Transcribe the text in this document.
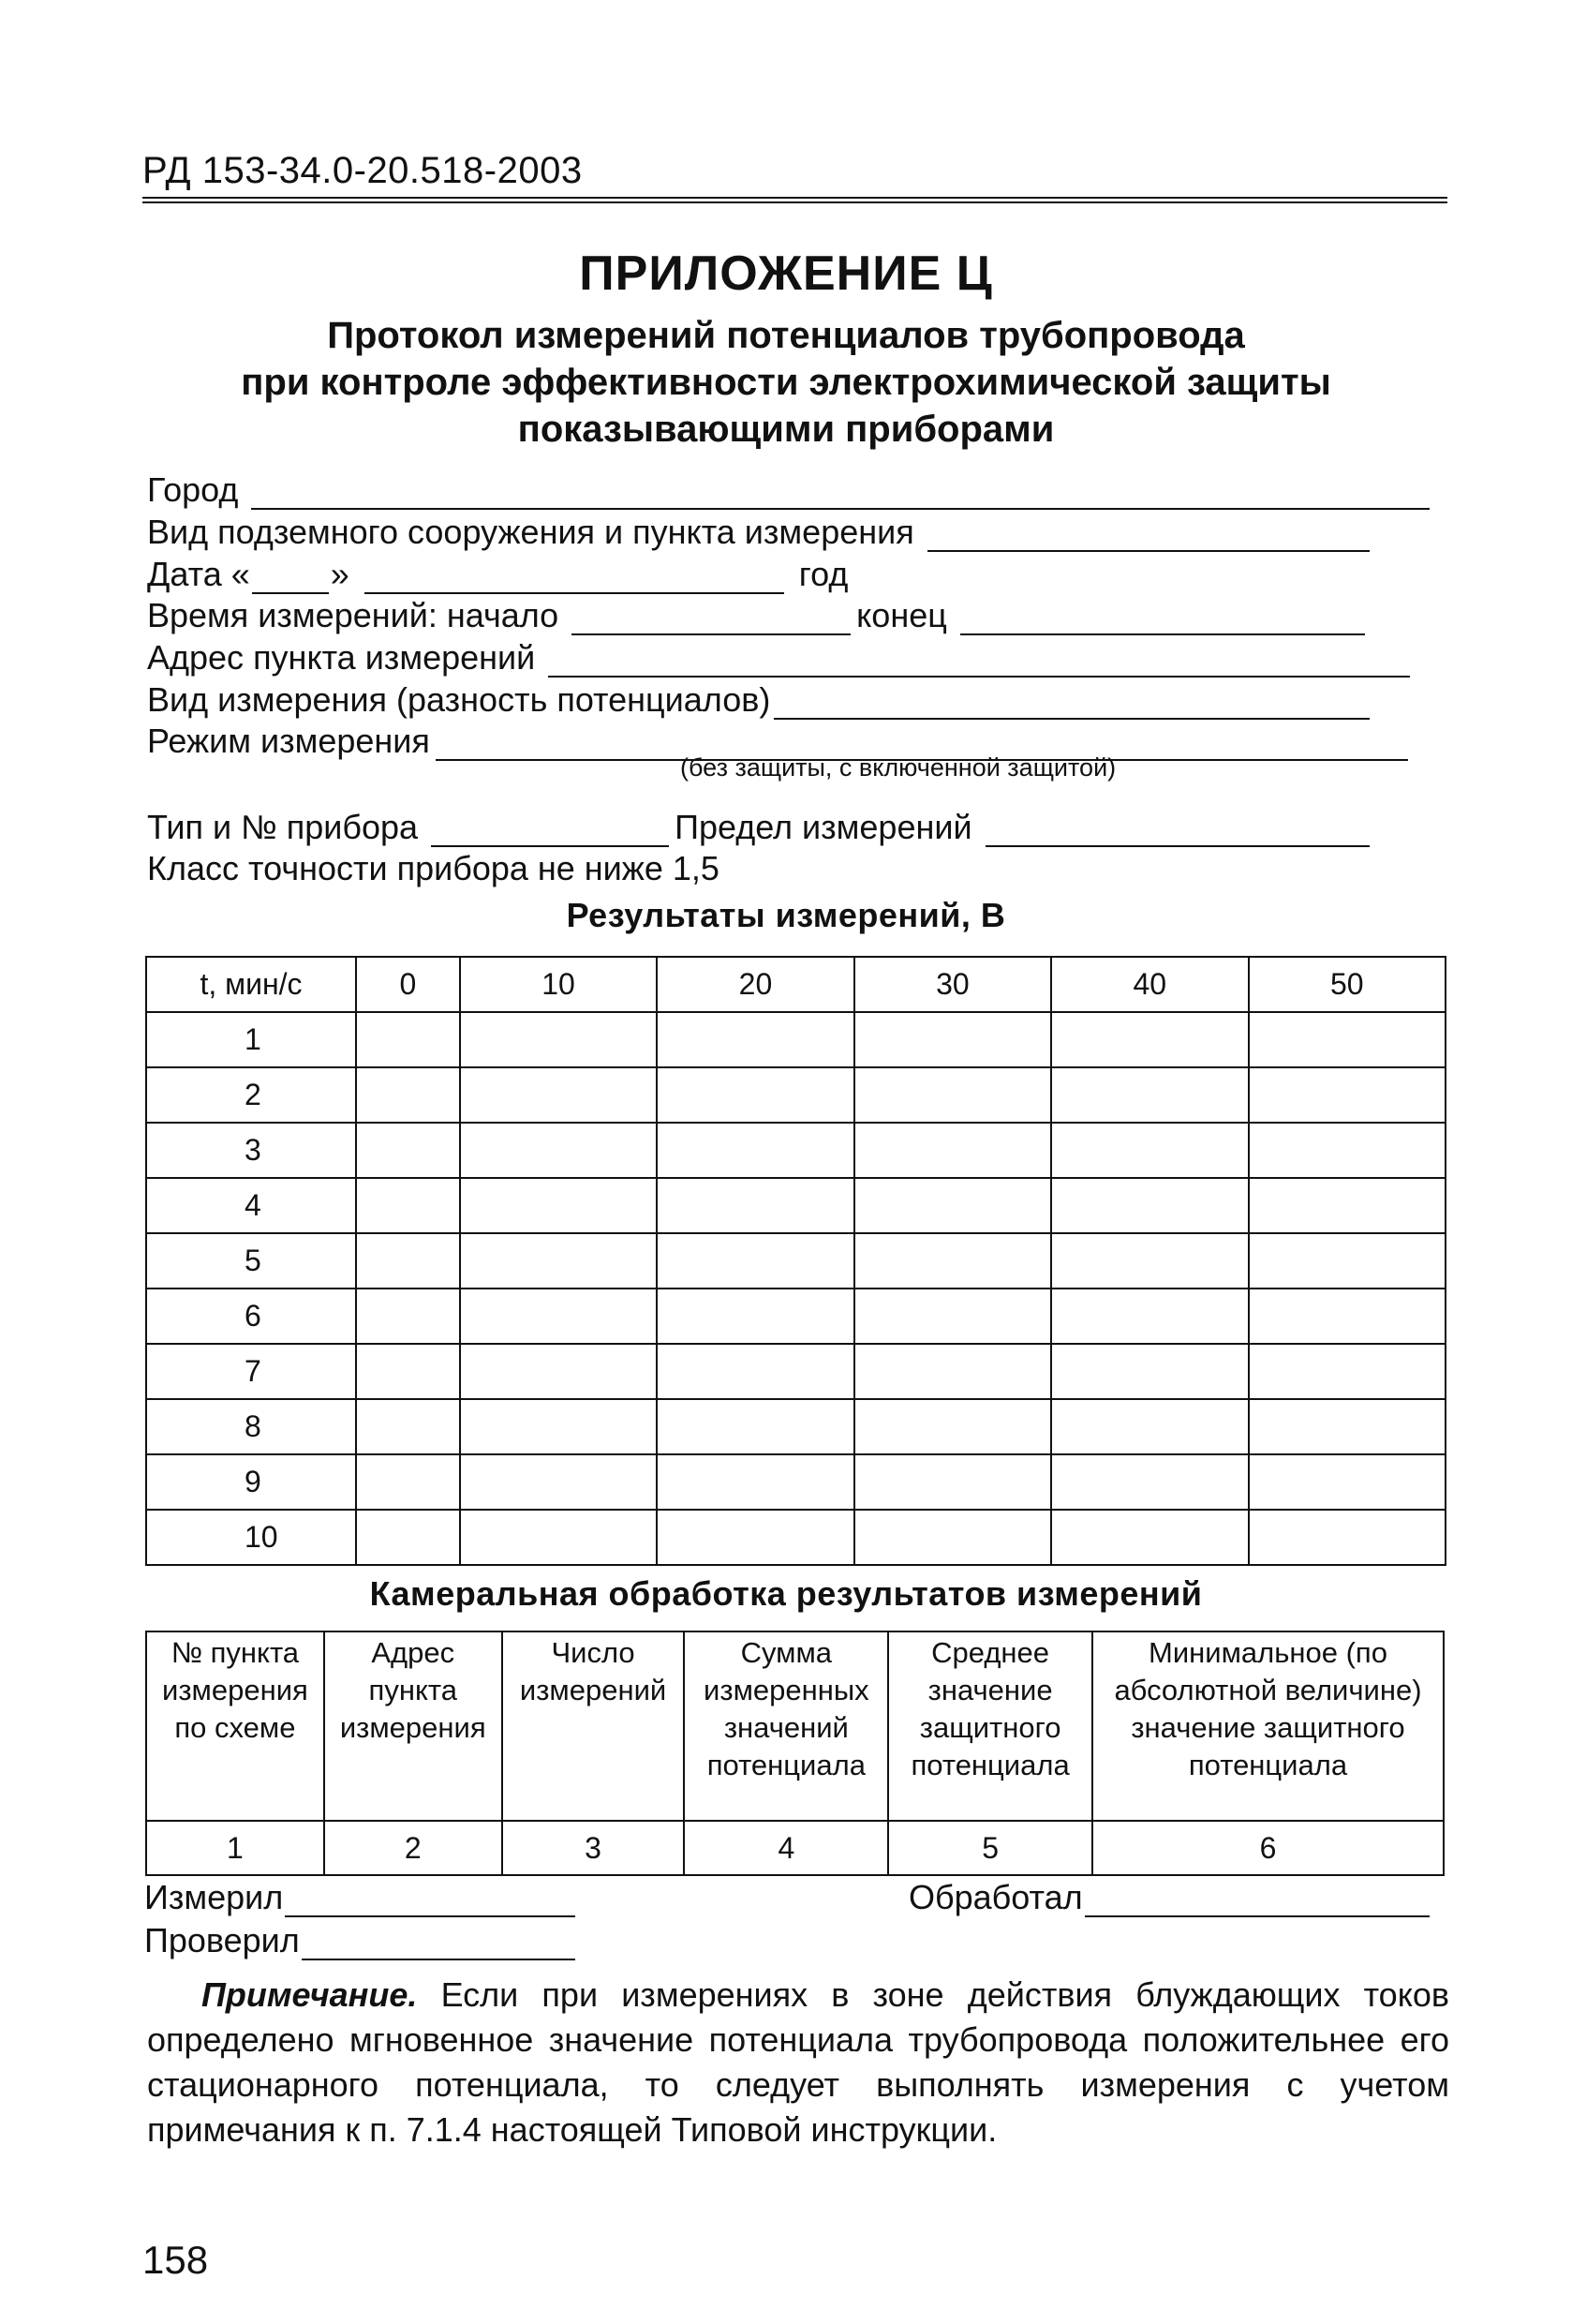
РД 153-34.0-20.518-2003
ПРИЛОЖЕНИЕ Ц
Протокол измерений потенциалов трубопровода
при контроле эффективности электрохимической защиты
показывающими приборами
Город
Вид подземного сооружения и пункта измерения
Дата « »	год
Время измерений: начало	конец
Адрес пункта измерений
Вид измерения (разность потенциалов)
Режим измерения
(без защиты, с включенной защитой)
Тип и № прибора	Предел измерений
Класс точности прибора не ниже 1,5
Результаты измерений, В
t, мин/с	0	10	20	30	40	50
1						
2						
3						
4						
5						
6						
7						
8						
9						
10						
Камеральная обработка результатов измерений
№ пункта измерения по схеме	Адрес пункта измерения	Число измерений	Сумма измеренных значений потенциала	Среднее значение защитного потенциала	Минимальное (по абсолютной величине) значение защитного потенциала
1	2	3	4	5	6
Измерил	Обработал
Проверил
Примечание. Если при измерениях в зоне действия блуждающих токов определено мгновенное значение потенциала трубопровода положительнее его стационарного потенциала, то следует выполнять измерения с учетом примечания к п. 7.1.4 настоящей Типовой инструкции.
158
